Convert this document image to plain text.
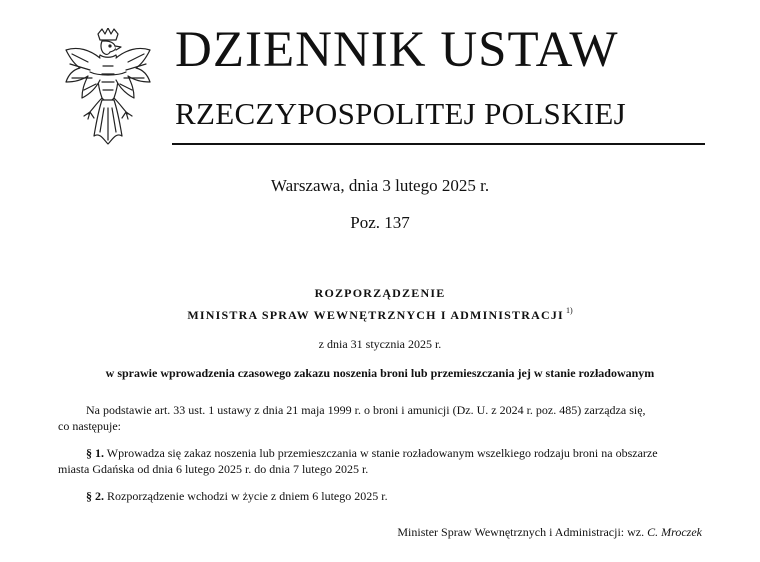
DZIENNIK USTAW
RZECZYPOSPOLITEJ POLSKIEJ
Warszawa, dnia 3 lutego 2025 r.
Poz. 137
ROZPORZĄDZENIE
MINISTRA SPRAW WEWNĘTRZNYCH I ADMINISTRACJI $^{1)}$
z dnia 31 stycznia 2025 r.
w sprawie wprowadzenia czasowego zakazu noszenia broni lub przemieszczania jej w stanie rozładowanym
Na podstawie art. 33 ust. 1 ustawy z dnia 21 maja 1999 r. o broni i amunicji (Dz. U. z 2024 r. poz. 485) zarządza się,
co następuje:
§ 1. Wprowadza się zakaz noszenia lub przemieszczania w stanie rozładowanym wszelkiego rodzaju broni na obszarze
miasta Gdańska od dnia 6 lutego 2025 r. do dnia 7 lutego 2025 r.
§ 2. Rozporządzenie wchodzi w życie z dniem 6 lutego 2025 r.
Minister Spraw Wewnętrznych i Administracji: wz. C. Mroczek
